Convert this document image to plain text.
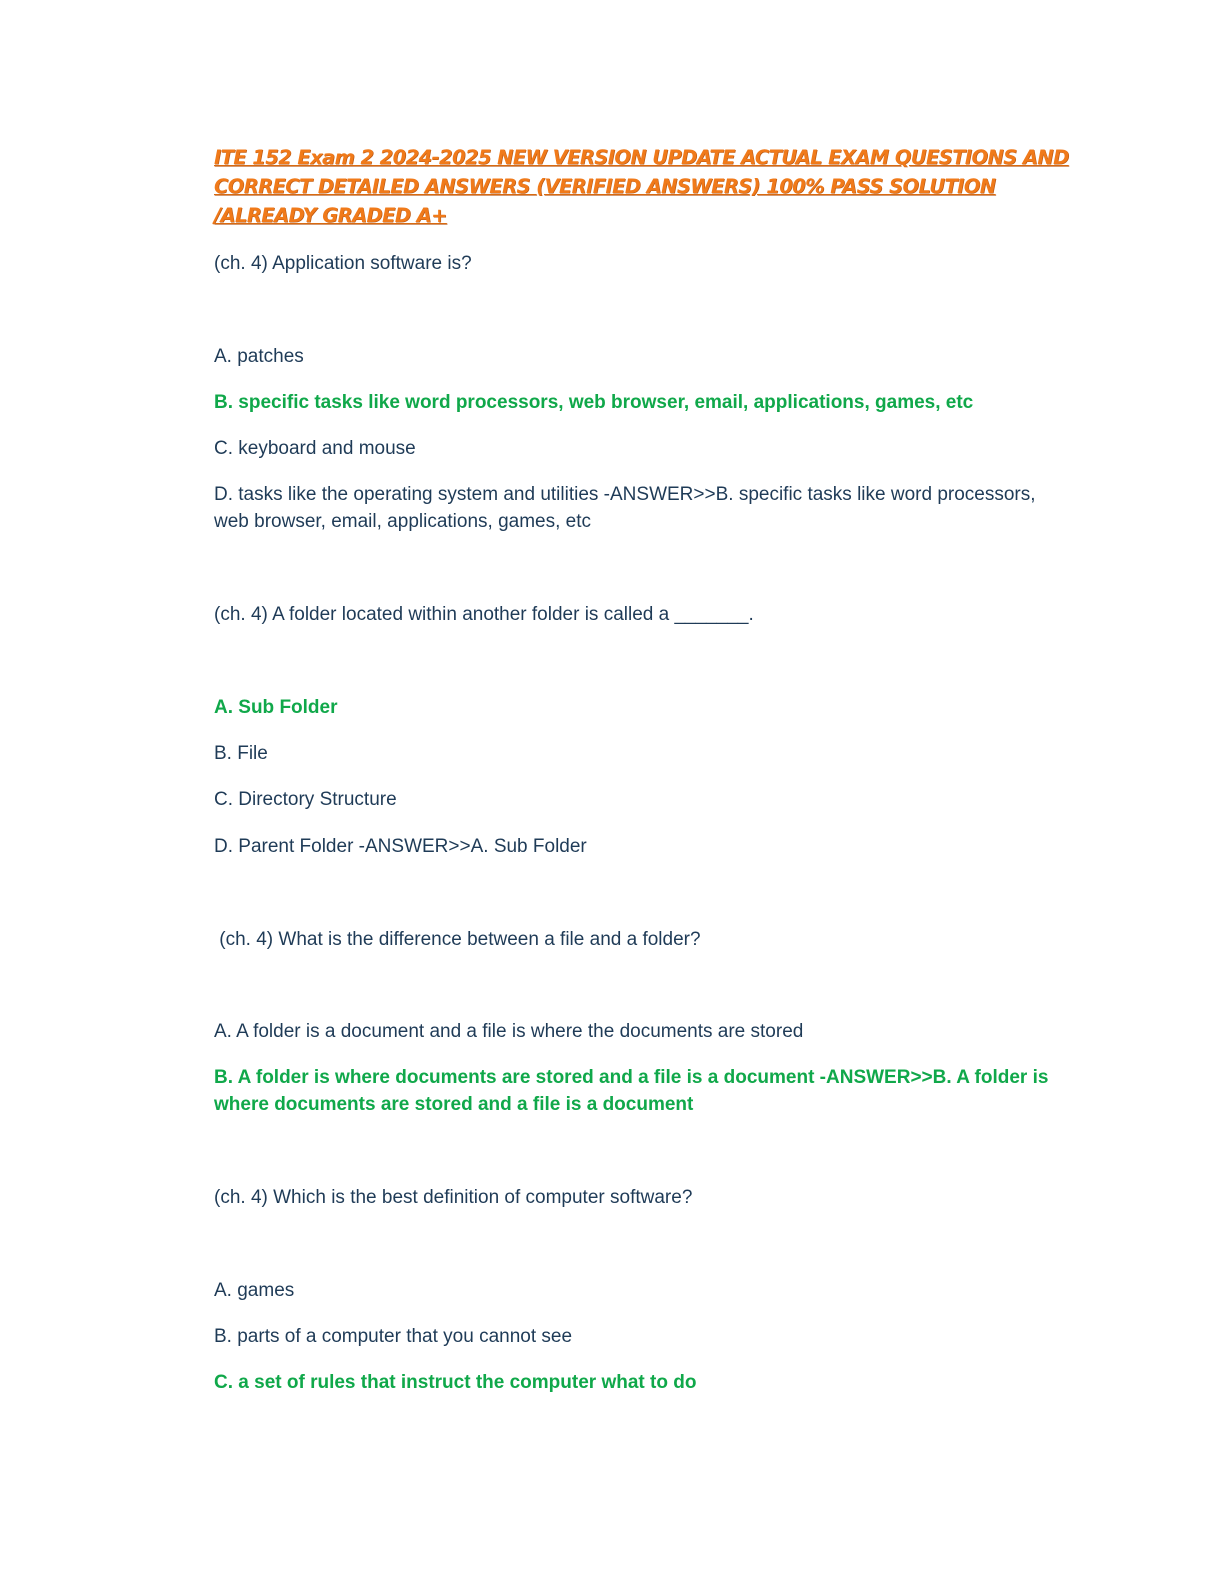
ITE 152 Exam 2 2024-2025 NEW VERSION UPDATE ACTUAL EXAM QUESTIONS AND CORRECT DETAILED ANSWERS (VERIFIED ANSWERS) 100% PASS SOLUTION /ALREADY GRADED A+
(ch. 4) Application software is?
A. patches
B. specific tasks like word processors, web browser, email, applications, games, etc
C. keyboard and mouse
D. tasks like the operating system and utilities -ANSWER>>B. specific tasks like word processors, web browser, email, applications, games, etc
(ch. 4) A folder located within another folder is called a _______.
A. Sub Folder
B. File
C. Directory Structure
D. Parent Folder -ANSWER>>A. Sub Folder
(ch. 4) What is the difference between a file and a folder?
A. A folder is a document and a file is where the documents are stored
B. A folder is where documents are stored and a file is a document -ANSWER>>B. A folder is where documents are stored and a file is a document
(ch. 4) Which is the best definition of computer software?
A. games
B. parts of a computer that you cannot see
C. a set of rules that instruct the computer what to do
